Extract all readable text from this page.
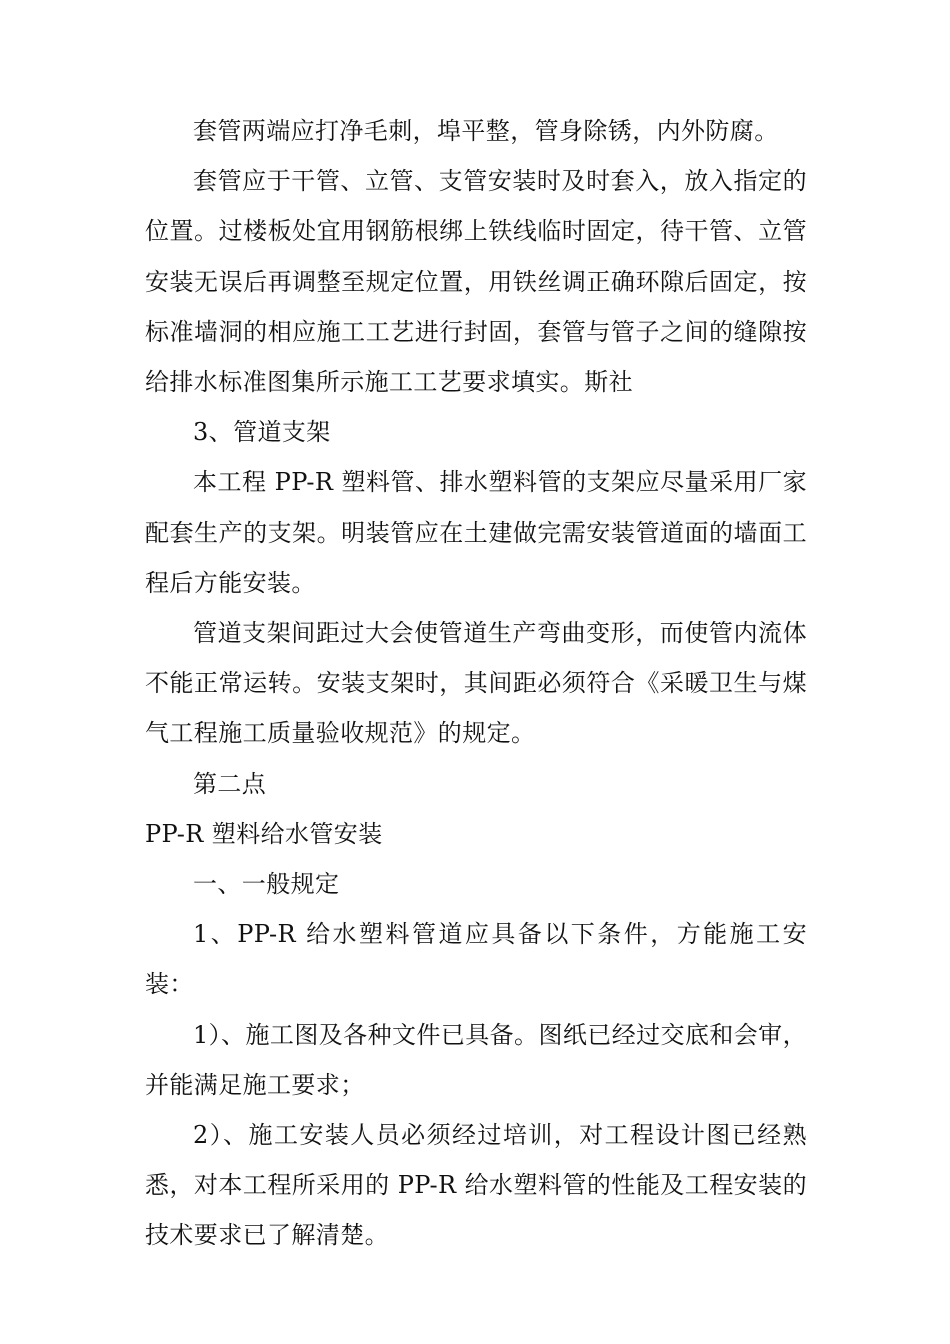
套管两端应打净毛刺，埠平整，管身除锈，内外防腐。

套管应于干管、立管、支管安装时及时套入，放入指定的位置。过楼板处宜用钢筋根绑上铁线临时固定，待干管、立管安装无误后再调整至规定位置，用铁丝调正确环隙后固定，按标准墙洞的相应施工工艺进行封固，套管与管子之间的缝隙按给排水标准图集所示施工工艺要求填实。斯社

3、管道支架

本工程 PP-R 塑料管、排水塑料管的支架应尽量采用厂家配套生产的支架。明装管应在土建做完需安装管道面的墙面工程后方能安装。

管道支架间距过大会使管道生产弯曲变形，而使管内流体不能正常运转。安装支架时，其间距必须符合《采暖卫生与煤气工程施工质量验收规范》的规定。

第二点

PP-R 塑料给水管安装

一、一般规定

1、PP-R 给水塑料管道应具备以下条件，方能施工安装：

1）、施工图及各种文件已具备。图纸已经过交底和会审，并能满足施工要求；

2）、施工安装人员必须经过培训，对工程设计图已经熟悉，对本工程所采用的 PP-R 给水塑料管的性能及工程安装的技术要求已了解清楚。
